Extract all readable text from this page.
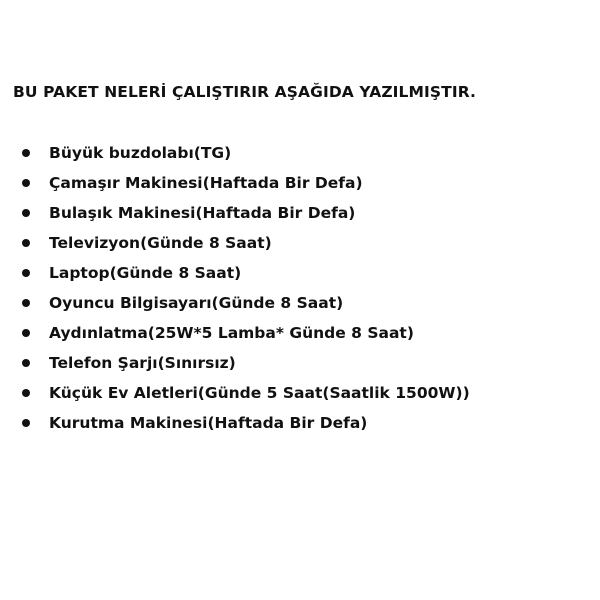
BU PAKET NELERİ ÇALIŞTIRIR AŞAĞIDA YAZILMIŞTIR.
Büyük buzdolabı(TG)
Çamaşır Makinesi(Haftada Bir Defa)
Bulaşık Makinesi(Haftada Bir Defa)
Televizyon(Günde 8 Saat)
Laptop(Günde 8 Saat)
Oyuncu Bilgisayarı(Günde 8 Saat)
Aydınlatma(25W*5 Lamba* Günde 8 Saat)
Telefon Şarjı(Sınırsız)
Küçük Ev Aletleri(Günde 5 Saat(Saatlik 1500W))
Kurutma Makinesi(Haftada Bir Defa)
